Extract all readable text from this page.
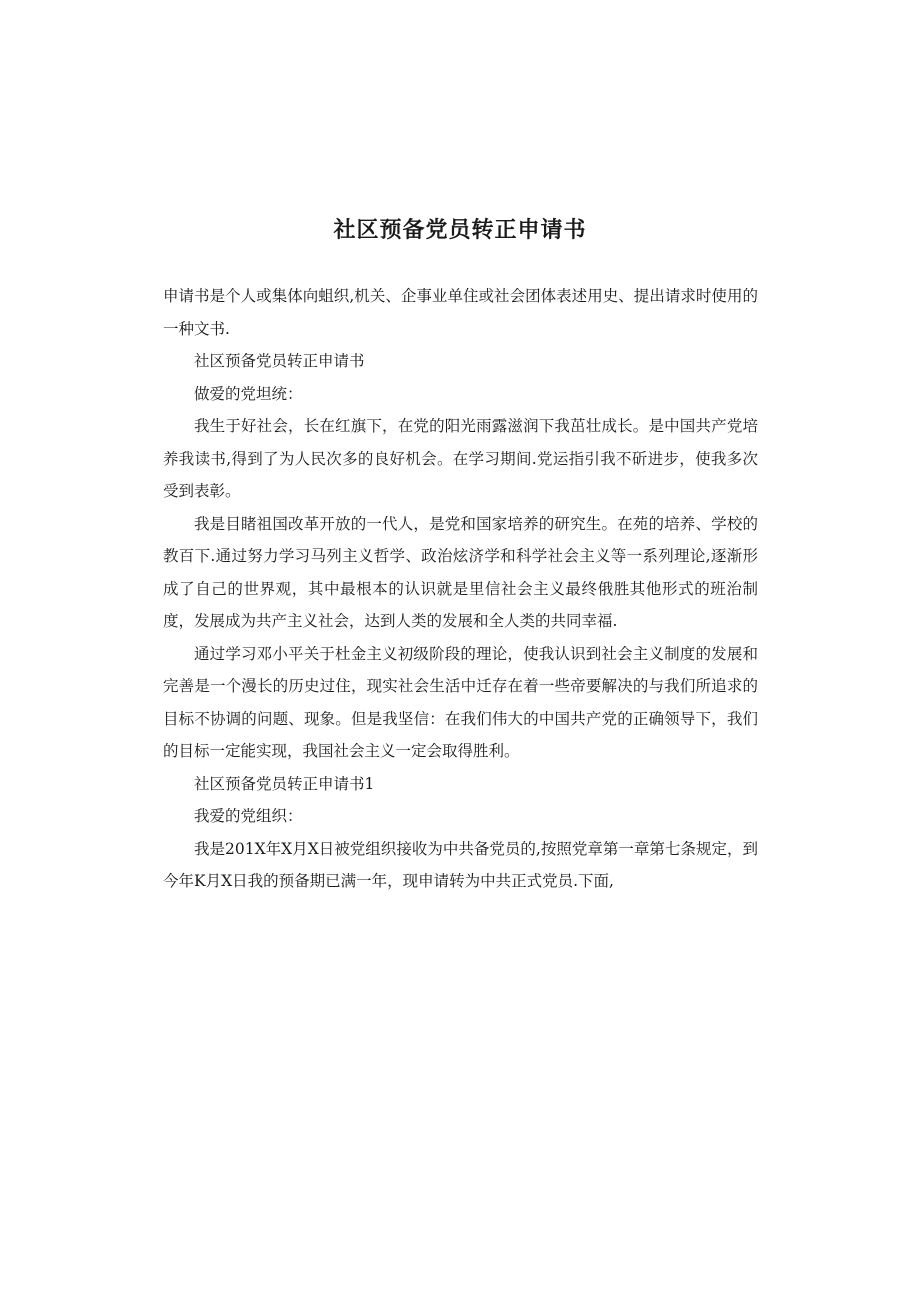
社区预备党员转正申请书

申请书是个人或集体向蛆织,机关、企事业单住或社会团体表述用史、提出请求时使用的一种文书.

社区预备党员转正申请书

做爱的党坦统：

我生于好社会，长在红旗下，在党的阳光雨露滋润下我茁壮成长。是中国共产党培养我读书,得到了为人民次多的良好机会。在学习期间.党运指引我不斫进步，使我多次受到表彰。

我是目睹祖国改革开放的一代人，是党和国家培养的研究生。在苑的培养、学校的教百下.通过努力学习马列主义哲学、政治炫济学和科学社会主义等一系列理论,逐渐形成了自己的世界观，其中最根本的认识就是里信社会主义最终俄胜其他形式的班治制度，发展成为共产主义社会，达到人类的发展和全人类的共同幸福.

通过学习邓小平关于杜金主义初级阶段的理论，使我认识到社会主义制度的发展和完善是一个漫长的历史过住，现实社会生活中迁存在着一些帝要解决的与我们所追求的目标不协调的问题、现象。但是我坚信：在我们伟大的中国共产党的正确领导下，我们的目标一定能实现，我国社会主义一定会取得胜利。

社区预备党员转正申请书1

我爱的党组织：

我是201X年X月X日被党组织接收为中共备党员的,按照党章第一章第七条规定，到今年K月X日我的预备期已满一年，现申请转为中共正式党员.下面,
